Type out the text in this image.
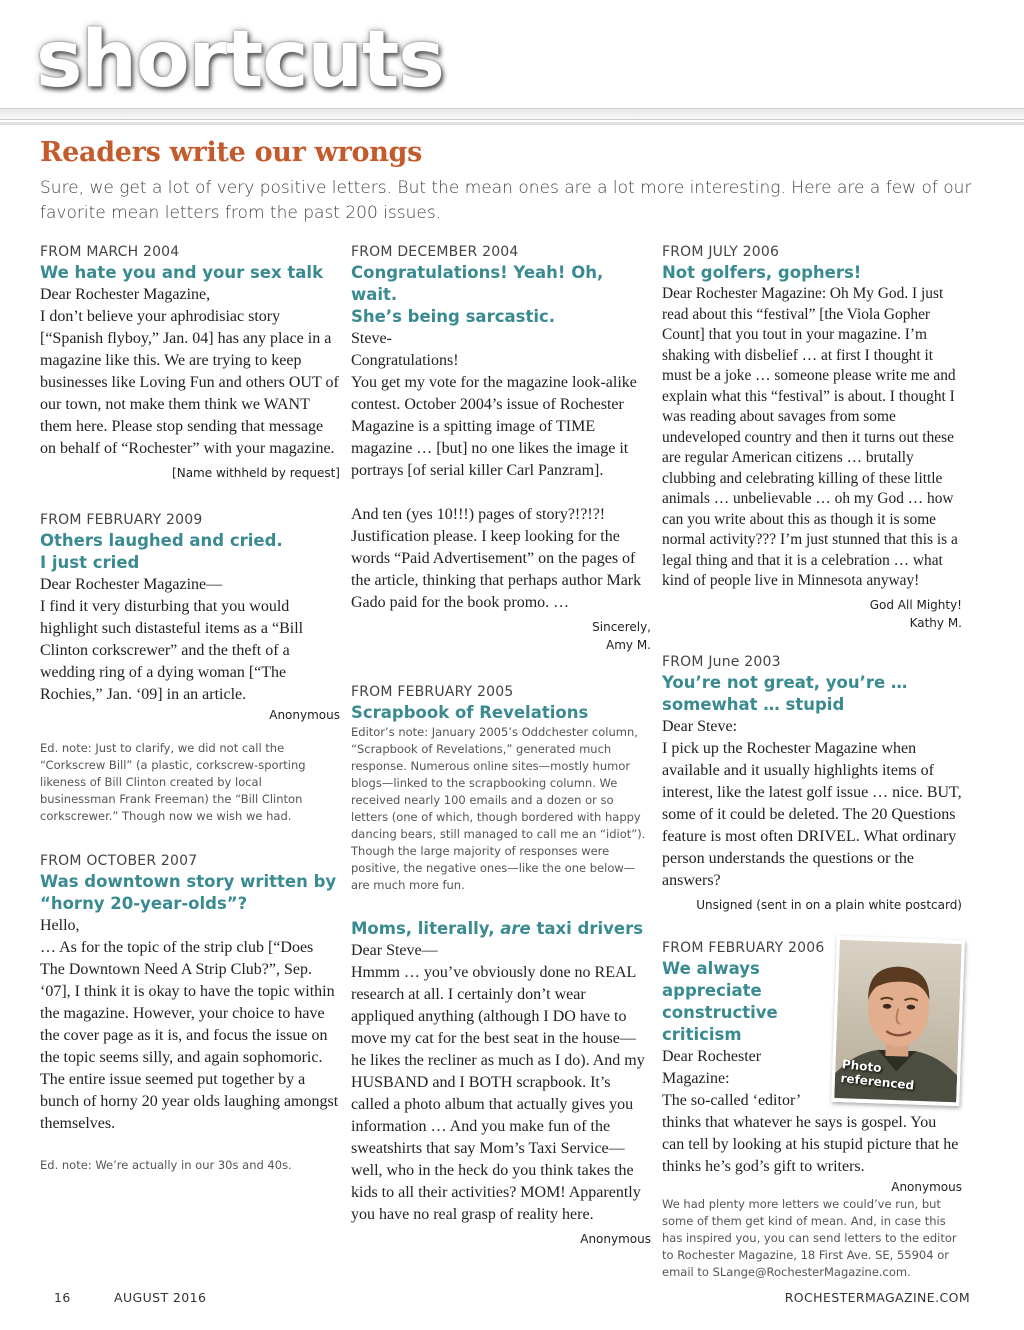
shortcuts
Readers write our wrongs
Sure, we get a lot of very positive letters. But the mean ones are a lot more interesting. Here are a few of our favorite mean letters from the past 200 issues.
FROM MARCH 2004
We hate you and your sex talk

Dear Rochester Magazine,

I don’t believe your aphrodisiac story [“Spanish flyboy,” Jan. 04] has any place in a magazine like this. We are trying to keep businesses like Loving Fun and others OUT of our town, not make them think we WANT them here. Please stop sending that message on behalf of “Rochester” with your magazine.

[Name withheld by request]
FROM FEBRUARY 2009
Others laughed and cried.
I just cried

Dear Rochester Magazine—

I find it very disturbing that you would highlight such distasteful items as a “Bill Clinton corkscrewer” and the theft of a wedding ring of a dying woman [“The Rochies,” Jan. ‘09] in an article.

Anonymous
Ed. note: Just to clarify, we did not call the “Corkscrew Bill” (a plastic, corkscrew-sporting likeness of Bill Clinton created by local businessman Frank Freeman) the “Bill Clinton corkscrewer.” Though now we wish we had.
FROM OCTOBER 2007
Was downtown story written by
“horny 20-year-olds”?

Hello,

… As for the topic of the strip club [“Does The Downtown Need A Strip Club?”, Sep. ‘07], I think it is okay to have the topic within the magazine. However, your choice to have the cover page as it is, and focus the issue on the topic seems silly, and again sophomoric. The entire issue seemed put together by a bunch of horny 20 year olds laughing amongst themselves.

Ed. note: We’re actually in our 30s and 40s.
FROM DECEMBER 2004
Congratulations! Yeah! Oh, wait.
She’s being sarcastic.

Steve-

Congratulations!

You get my vote for the magazine look-alike contest. October 2004’s issue of Rochester Magazine is a spitting image of TIME magazine … [but] no one likes the image it portrays [of serial killer Carl Panzram].

And ten (yes 10!!!) pages of story?!?!?! Justification please. I keep looking for the words “Paid Advertisement” on the pages of the article, thinking that perhaps author Mark Gado paid for the book promo. …

Sincerely,
Amy M.
FROM FEBRUARY 2005
Scrapbook of Revelations
Editor’s note: January 2005’s Oddchester column, “Scrapbook of Revelations,” generated much response. Numerous online sites—mostly humor blogs—linked to the scrapbooking column. We received nearly 100 emails and a dozen or so letters (one of which, though bordered with happy dancing bears, still managed to call me an “idiot”). Though the large majority of responses were positive, the negative ones—like the one below— are much more fun.
Moms, literally, are taxi drivers

Dear Steve—

Hmmm … you’ve obviously done no REAL research at all. I certainly don’t wear appliqued anything (although I DO have to move my cat for the best seat in the house— he likes the recliner as much as I do). And my HUSBAND and I BOTH scrapbook. It’s called a photo album that actually gives you information … And you make fun of the sweatshirts that say Mom’s Taxi Service— well, who in the heck do you think takes the kids to all their activities? MOM! Apparently you have no real grasp of reality here.

Anonymous
FROM JULY 2006
Not golfers, gophers!

Dear Rochester Magazine: Oh My God. I just read about this “festival” [the Viola Gopher Count] that you tout in your magazine. I’m shaking with disbelief … at first I thought it must be a joke … someone please write me and explain what this “festival” is about. I thought I was reading about savages from some undeveloped country and then it turns out these are regular American citizens … brutally clubbing and celebrating killing of these little animals … unbelievable … oh my God … how can you write about this as though it is some normal activity??? I’m just stunned that this is a legal thing and that it is a celebration … what kind of people live in Minnesota anyway!

God All Mighty!
Kathy M.
FROM June 2003
You’re not great, you’re …
somewhat … stupid

Dear Steve:

I pick up the Rochester Magazine when available and it usually highlights items of interest, like the latest golf issue … nice. BUT, some of it could be deleted. The 20 Questions feature is most often DRIVEL. What ordinary person understands the questions or the answers?

Unsigned (sent in on a plain white postcard)
Photo referenced
FROM FEBRUARY 2006
We always appreciate
constructive
criticism

Dear Rochester Magazine:

The so-called ‘editor’ thinks that whatever he says is gospel. You can tell by looking at his stupid picture that he thinks he’s god’s gift to writers.

Anonymous
We had plenty more letters we could’ve run, but some of them get kind of mean. And, in case this has inspired you, you can send letters to the editor to Rochester Magazine, 18 First Ave. SE, 55904 or email to SLange@RochesterMagazine.com.
16	AUGUST 2016	ROCHESTERMAGAZINE.COM
